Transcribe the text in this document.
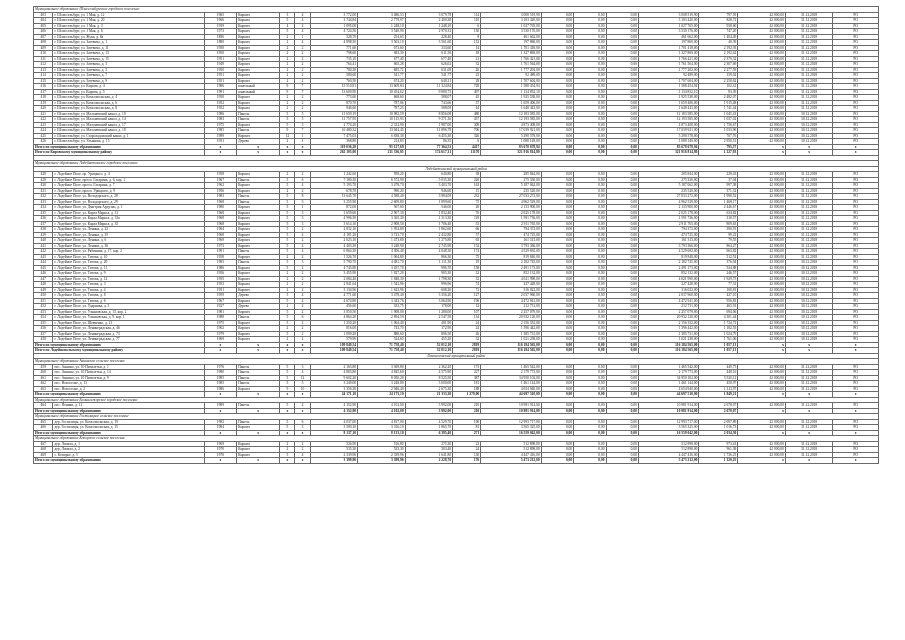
Муниципальное образование Шлиссельбургское городское поселение																		
403	г. Шлиссельбург, ул. 1 Мая, д. 12	1965	Кирпич	3	4	3 772,00	3 486,53	3 079,78	114	3 008 519,90	0,00	0,00	0,00	3 008 519,90	797,59	42 000,00	31.12.2018	РО
404	г. Шлиссельбург, ул. 1 Мая, д. 20	1966	Кирпич	5	4	3 744,84	2 779,97	2 400,38	110	3 103 420,00	0,00	0,00	0,00	3 103 420,00	828,72	42 000,00	31.12.2018	РО
405	г. Шлиссельбург, ул. 1 Мая, д. 3	1939	Кирпич	4	2	1 095,00	1 248,10	1 248,10	6	1 027 765,00	0,00	0,00	0,00	1 027 765,00	938,60	42 000,00	31.12.2018	РО
406	г. Шлиссельбург, ул. 1 Мая, д. 6	1973	Кирпич	5	4	4 724,56	3 540,90	2 970,33	130	3 530 176,00	0,00	0,00	0,00	3 530 176,00	747,20	42 000,00	31.12.2018	РО
407	г. Шлиссельбург, ул. Жука, д. 8а	1896	Кирпич	2	1	328,70	254,63	228,40	8	461 662,00	0,00	0,00	0,00	461 662,00	1 404,49	42 000,00	31.12.2018	РО
408	г. Шлиссельбург, ул. Затевича, д. 1	1880	Кирпич	2	4	4 898,50	3 563,10	3 561,60	152	197 860,00	0,00	0,00	0,00	197 860,00	40,39	42 000,00	31.12.2018	РО
409	г. Шлиссельбург, ул. Затевича, д. 11	1950	Кирпич	2	2	771,60	673,60	333,60	14	1 701 418,00	0,00	0,00	0,00	1 701 418,00	2 192,93	42 000,00	31.12.2018	РО
410	г. Шлиссельбург, ул. Затевича, д. 13	1950	Кирпич	2	2	798,60	683,30	611,50	18	1 327 869,00	0,00	0,00	0,00	1 327 869,00	2 192,42	42 000,00	31.12.2018	РО
411	г. Шлиссельбург, ул. Затевича, д. 15	1951	Кирпич	2	2	735,10	677,40	677,40	21	1 766 421,00	0,00	0,00	0,00	1 766 421,00	2 379,32	42 000,00	31.12.2018	РО
412	г. Шлиссельбург, ул. Затевича, д. 3	1949	Кирпич	2	2	764,41	665,28	626,02	32	1 761 564,00	0,00	0,00	0,00	1 761 564,00	2 307,69	42 000,00	31.12.2018	РО
413	г. Шлиссельбург, ул. Затевича, д. 5	1950	Кирпич	2	2	780,30	685,72	631,69	26	1 777 202,00	0,00	0,00	0,00	1 777 202,00	2 277,59	42 000,00	31.12.2018	РО
414	г. Шлиссельбург, ул. Затевича, д. 7	1951	Кирпич	2	2	580,60	541,77	541,77	23	92 489,00	0,00	0,00	0,00	92 489,00	159,02	42 000,00	31.12.2018	РО
415	г. Шлиссельбург, ул. Затевича, д. 9	1951	Кирпич	2	2	760,50	674,20	640,21	28	1 707 604,00	0,00	0,00	0,00	1 707 604,00	2 250,62	42 000,00	31.12.2018	РО
416	г. Шлиссельбург, ул. Кирова, д. 4	1986	панельный	9	7	15 510,81	13 609,84	11 324,84	728	1 588 454,94	0,00	0,00	0,00	1 588 454,94	102,41	42 000,00	31.12.2018	РО
417	г. Шлиссельбург, ул. Кирова, д. 5	1991	панельный	9	7	13 600,90	10 454,62	9 080,73	497	1 134 832,10	0,00	0,00	0,00	1 134 832,10	83,39	42 000,00	31.12.2018	РО
418	г. Шлиссельбург, ул. Комсомольская, д. 4	1950	Кирпич	2	2	773,60	668,60	588,07	45	1 925 538,00	0,00	0,00	0,00	1 925 538,00	2 482,07	42 000,00	31.12.2018	РО
419	г. Шлиссельбург, ул. Комсомольская, д. 6	1952	Кирпич	2	2	870,70	787,06	743,66	37	1 659 406,00	0,00	0,00	0,00	1 659 406,00	1 915,48	42 000,00	31.12.2018	РО
420	г. Шлиссельбург, ул. Комсомольская, д. 8	1952	Кирпич	2	2	946,60	787,23	588,09	44	1 648 443,00	0,00	0,00	0,00	1 648 443,00	1 741,44	42 000,00	31.12.2018	РО
421	г. Шлиссельбург, ул. Малоневский канал, д. 10	1986	Панель	5	5	11 659,19	10 982,59	8 856,08	480	12 183 585,00	0,00	0,00	0,00	12 183 585,00	1 045,43	42 000,00	30.12.2018	РО
422	г. Шлиссельбург, ул. Малоневский канал, д. 14	1983	Панель	5	5	11 757,95	10 115,93	9 371,36	457	12 193 585,00	0,00	0,00	0,00	12 193 585,00	1 037,02	42 000,00	30.12.2018	РО
423	г. Шлиссельбург, ул. Малоневский канал, д. 17	1975	Кирпич	5	3	2 774,20	2 312,90	1 987,00	309	4 873 408,00	0,00	0,00	0,00	4 873 408,00	1 756,67	42 000,00	30.12.2018	РО
424	г. Шлиссельбург, ул. Малоневский канал, д. 18	1985	Панель	9	7	16 480,32	13 944,45	11 896,78	706	17 039 921,00	0,00	0,00	0,00	17 039 921,00	1 033,96	42 000,00	30.12.2018	РО
425	г. Шлиссельбург, ул. Староладожский канал, д. 1	1989	Кирпич	12	1	7 475,03	6 838,30	6 455,30	326	5 290 578,00	0,00	0,00	0,00	5 290 578,00	707,76	42 000,00	30.12.2018	РО
426	г. Шлиссельбург, ул. Ульянова, д. 15	1931	Дерево	2	1	368,80	214,83	86,35	6	1 088 149,00	0,00	0,00	0,00	1 088 149,00	2 950,51	42 000,00	30.12.2018	РО
Итого по муниципальному образованию		x	x	x	x	119 036,20	95 127,69	77 364,53	4417	83 678 678,94	0,00	0,00	0,00	83 678 678,94	795,57	x	x	x
Итого по Кировскому муниципальному району		x	x	x	x	262 103,00	211 336,05	174 617,31	11170	321 916 814,80	0,00	0,00	0,00	321 916 814,80	1 227,93	x	x	x

Муниципальное образование Лодейнопольское городское поселение																		
Лодейнопольский муниципальный район																		
428	г. Лодейное Поле, пр. Урицкого, д. 4	1958	Кирпич	2	2	1 242,60	958,20	640,80	38	285 844,00	0,00	0,00	0,00	285 844,00	228,43	42 000,00	31.12.2018	РО
429	г. Лодейное Поле, просп. Гагарина, д. 6, кор. 1	1967	Панель	5	6	7 180,30	6 572,90	5 035,30	220	275 330,00	0,00	0,00	0,00	275 330,00	37,04	42 000,00	31.12.2018	РО
430	г. Лодейное Поле, просп. Гагарина, д. 7	1962	Кирпич	5	4	5 193,70	3 478,70	3 403,70	163	5 187 062,00	0,00	0,00	0,00	5 187 062,00	997,38	42 000,00	31.12.2018	РО
431	г. Лодейное Поле, просп. Урицкого, д. 9	1956	Кирпич	2	2	678,70	990,20	946,60	15	235 520,00	0,00	0,00	0,00	235 520,00	371,32	42 000,00	31.12.2018	РО
432	г. Лодейное Поле, ул. Володарского, д. 28	1983	Панель	5	8	13 645,70	4 588,40	3 984,09	232	27 033 272,00	0,00	0,00	0,00	27 033 272,00	1 990,52	42 000,00	31.12.2018	РО
433	г. Лодейное Поле, ул. Володарского, д. 29	1968	Панель	5	3	3 255,90	2 609,80	1 899,60	75	4 962 529,00	0,00	0,00	0,00	4 962 529,00	1 468,17	42 000,00	31.12.2018	РО
434	г. Лодейное Поле, ул. Дмитрия Ардуэно, д. 1	1980	Кирпич	5	1	872,00	567,60	546,00	20	2 133 900,00	0,00	0,00	0,00	2 133 900,00	2 446,67	42 000,00	31.12.2018	РО
435	г. Лодейное Поле, ул. Карла Маркса, д. 31	1968	Кирпич	5	3	3 659,60	2 907,30	1 832,40	76	2 025 178,00	0,00	0,00	0,00	2 025 178,00	634,82	42 000,00	31.12.2018	РО
436	г. Лодейное Поле, ул. Карла Маркса, д. 33а	1968	Кирпич	5	3	4 996,50	3 365,30	1 313,30	118	1 591 736,00	0,00	0,00	0,00	1 591 736,00	318,57	42 000,00	31.12.2018	РО
437	г. Лодейное Поле, ул. Карла Маркса, д. 35	1968	Кирпич	5	3	3 614,10	2 908,50	1 706,40	53	2 911 765,00	0,00	0,00	0,00	2 911 765,00	809,63	42 000,00	31.12.2018	РО
438	г. Лодейное Поле, ул. Ленина, д. 22	1964	Кирпич	5	2	2 032,10	1 952,80	1 862,60	66	794 372,00	0,00	0,00	0,00	794 372,00	390,91	42 000,00	31.12.2018	РО
439	г. Лодейное Поле, ул. Ленина, д. 35	1968	Кирпич	5	4	4 181,20	3 723,70	2 432,80	57	474 725,00	0,00	0,00	0,00	474 725,00	99,22	42 000,00	31.12.2018	РО
440	г. Лодейное Поле, ул. Ленина, д. 6	1969	Кирпич	5	2	2 023,10	1 473,80	1 275,80	65	161 313,00	0,00	0,00	0,00	161 313,00	79,55	42 000,00	31.12.2018	РО
441	г. Лодейное Поле, ул. Ленина, д. 36	1973	Кирпич	5	4	4 403,30	3 248,90	2 745,90	152	3 793 366,00	0,00	0,00	0,00	3 793 366,00	864,27	42 000,00	31.12.2018	РО
442	г. Лодейное Поле, ул. Рябинина, д. 17, кор. 2	1991	Панель	5	4	6 864,30	4 306,40	4 048,30	174	4 529 692,00	0,00	0,00	0,00	4 529 692,00	663,82	42 000,00	31.12.2018	РО
443	г. Лодейное Поле, ул. Титова, д. 10	1958	Кирпич	2	2	1 526,70	1 064,80	866,30	75	819 840,00	0,00	0,00	0,00	819 840,00	512,52	42 000,00	31.12.2018	РО
444	г. Лодейное Поле, ул. Титова, д. 20	1983	Панель	5	3	5 790,70	4 481,70	1 111,30	19	2 182 745,00	0,00	0,00	0,00	2 182 745,00	376,94	42 000,00	30.12.2018	РО
445	г. Лодейное Поле, ул. Титова, д. 11	1986	Кирпич	5	2	4 745,90	3 457,70	996,70	158	2 491 173,00	0,00	0,00	0,00	2 491 173,00	534,88	42 000,00	30.12.2018	РО
446	г. Лодейное Поле, ул. Титова, д. 9	1956	Кирпич	2	2	3 455,90	1 827,20	905,30	32	852 132,00	0,00	0,00	0,00	852 132,00	246,57	42 000,00	30.12.2018	РО
447	г. Лодейное Поле, ул. Титова, д. 12	1955	Кирпич	2	2	2 084,20	1 848,30	1 798,30	52	4 021 990,00	0,00	0,00	0,00	4 021 990,00	1 929,75	42 000,00	30.12.2018	РО
448	г. Лодейное Поле, ул. Титова, д. 3	1953	Кирпич	2	2	2 941,64	1 542,96	996,96	74	227 428,00	0,00	0,00	0,00	227 428,00	77,31	42 000,00	30.12.2018	РО
449	г. Лодейное Поле, ул. Титова, д. 4	1951	Кирпич	2	2	3 134,96	1 623,96	608,20	72	316 022,00	0,00	0,00	0,00	316 022,00	100,81	42 000,00	30.12.2018	РО
450	г. Лодейное Поле, ул. Титова, д. 8	1959	Дерево	5	4	4 771,60	3 478,40	3 356,20	127	2 037 960,00	0,00	0,00	0,00	2 037 960,00	427,10	42 000,00	30.12.2018	РО
451	г. Лодейное Поле, ул. Титова, д. 6	1967	Кирпич	5	4	4 674,80	3 343,76	3 064,90	196	4 472 941,00	0,00	0,00	0,00	4 472 941,00	956,83	42 000,00	30.12.2018	РО
452	г. Лодейное Поле, ул. Ударника, д. 5	1927	Дерево	2	2	456,60	333,75	178,00	12	212 731,00	0,00	0,00	0,00	212 731,00	465,91	42 000,00	30.12.2018	РО
453	г. Лодейное Поле, ул. Ульяновская, д. 15, кор. 2	1981	Кирпич	5	2	3 050,50	1 908,00	1 280,00	107	2 257 079,00	0,00	0,00	0,00	2 257 079,00	694,06	42 000,00	30.12.2018	РО
454	г. Лодейное Поле, ул. Ульяновская, д. 9, кор. 1	1988	Панель	5	6	4 864,20	2 894,50	2 547,50	134	20 932 120,00	0,00	0,00	0,00	20 932 120,00	4 301,44	42 000,00	30.12.2018	РО
455	г. Лодейное Поле, ул. Шевченко, д. 21	1975	Кирпич	5	2	1 250,20	1 064,40	401,90	24	2 156 352,00	0,00	0,00	0,00	2 156 352,00	1 724,72	42 000,00	30.12.2018	РО
456	г. Лодейное Поле, ул. Ленинградская, д. 46	1962	Кирпич	2	2	816,00	743,70	372,90	24	1 396 442,00	0,00	0,00	0,00	1 396 442,00	1 182,55	42 000,00	30.12.2018	РО
457	г. Лодейное Поле, ул. Ленинградская, д. 73	1979	Кирпич	5	2	1 009,20	886,60	806,50	46	1 385 731,00	0,00	0,00	0,00	1 385 731,00	1 024,79	42 000,00	30.12.2018	РО
458	г. Лодейное Поле, ул. Ленинградская, д. 77	1969	Кирпич	2	2	579,90	524,60	455,20	32	1 021 238,00	0,00	0,00	0,00	1 021 238,00	1 761,06	42 000,00	30.12.2018	РО
Итого по муниципальному образованию		x	x	x	x	109 849,54	71 758,40	52 012,10	2819	116 184 565,00	0,00	0,00	0,00	116 184 565,00	1 057,13	x	x	x
Итого по Лодейнопольскому муниципальному району		x	x	x	x	109 849,54	71 758,40	52 012,10	2819	116 184 565,00	0,00	0,00	0,00	116 184 565,00	1 057,13	x	x	x
Ломоносовский муниципальный район																		
Муниципальное образование Аннинское сельское поселение																		
459	пос. Аннино, ул. 10 Пятилетки, д. 1	1976	Панель	5	3	2 163,80	3 369,80	2 362,20	173	1 465 542,00	0,00	0,00	0,00	1 465 542,00	449,75	42 000,00	31.12.2018	РО
460	пос. Аннино, ул. 10 Пятилетки, д. 14	1980	Панель	5	4	4 803,80	4 845,60	4 575,90	227	2 179 773,00	0,00	0,00	0,00	2 179 773,00	448,16	42 000,00	31.12.2018	РО
461	пос. Аннино, ул. 10 Пятилетки, д. 9	1985	Панель	5	12	9 602,20	8 030,20	8 525,50	387	34 950 102,00	0,00	0,00	0,00	34 950 102,00	3 520,12	42 000,00	31.12.2018	РО
462	пос. Новоселье, д. 13	1985	Панель	5	5	3 249,00	3 248,80	3 000,00	181	1 461 144,00	0,00	0,00	0,00	1 461 144,00	450,97	42 000,00	31.12.2018	РО
463	пос. Новоселье, д. 2	1986	Кирпич	9	10	3 356,30	2 946,40	2 675,30	188	4 654 940,00	0,00	0,00	0,00	4 654 940,00	1 313,97	42 000,00	31.12.2018	РО
Итого по муниципальному образованию		x	x	x	x	24 171,10	24 175,10	21 333,30	1 279,00	44 697 510,00	0,00	0,00	0,00	44 697 510,00	1 849,21	x	x	x
Муниципальное образование Большеижорское городское поселение																		
464	пос. Пеники, д. 12	1989	Панель	5	4	4 152,90	4 102,00	3 992,00	210	10 981 914,00	0,00	0,00	0,00	10 981 914,00	2 678,07	42 000,00	31.12.2018	РО
Итого по муниципальному образованию		x	x	x	x	4 152,90	4 102,00	3 992,00	210	10 981 914,00	0,00	0,00	0,00	10 981 914,00	2 678,07	x	x	x
Муниципальное образование Гостилицкое сельское поселение																		
465	дер. Гостилицы, ул. Комсомольская, д. 19	1982	Панель	5	6	4 037,00	4 817,00	4 529,70	190	12 993 717,00	0,00	0,00	0,00	12 993 717,00	2 697,89	42 000,00	31.12.2018	РО
466	дер. Гостилицы, ул. Комсомольская, д. 15	1984	Кирпич	5	3	3 500,10	3 316,10	1 865,70	81	3 565 325,00	0,00	0,00	0,00	3 565 325,00	1 016,73	42 000,00	31.12.2018	РО
Итого по муниципальному образованию		x	x	x	x	8 137,10	8 133,10	6 395,40	271	16 559 042,00	0,00	0,00	0,00	16 559 042,00	2 034,30	x	x	x
Муниципальное образование Копорское сельское поселение																		
467	дер. Ломаха, д. 1	1969	Кирпич	2	2	526,90	516,80	275,30	22	512 898,00	0,00	0,00	0,00	512 898,00	973,43	42 000,00	31.12.2018	РО
468	дер. Ломаха, д. 2	1970	Кирпич	2	2	535,30	535,30	303,40	24	512 898,00	0,00	0,00	0,00	512 898,00	961,38	42 000,00	31.12.2018	РО
469	с. Копорье, д. 5	1970	Кирпич	5	4	2 339,96	2 339,96	1 641,80	130	4 447 416,00	0,00	0,00	0,00	4 447 416,00	1 736,25	42 000,00	31.12.2018	РО
Итого по муниципальному образованию		x	x	x	x	3 399,96	3 399,96	2 228,70	176	5 473 212,00	0,00	0,00	0,00	5 473 212,00	1 320,25	x	x	x
